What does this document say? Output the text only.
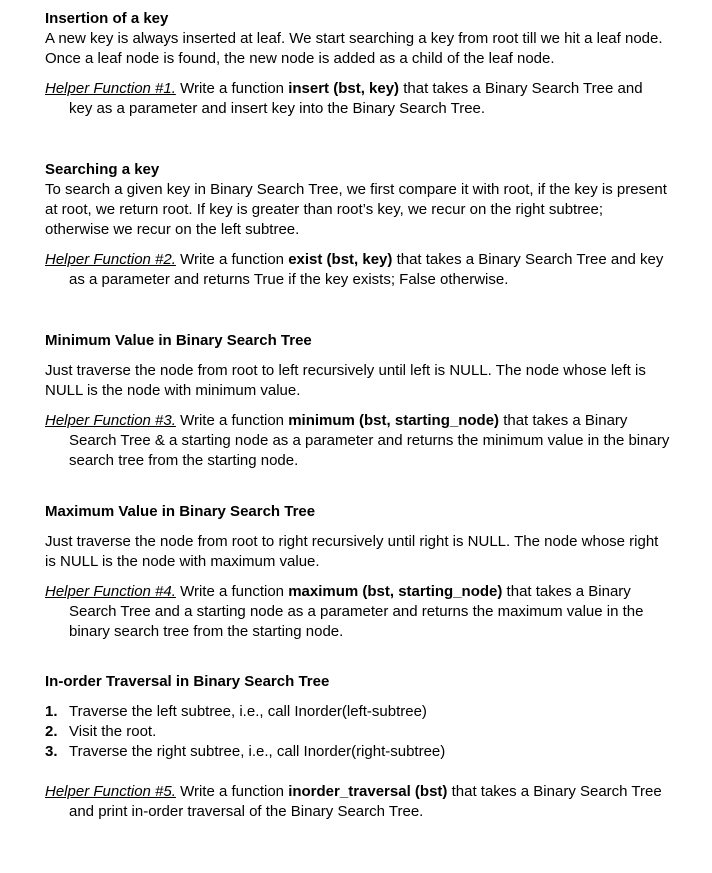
Insertion of a key

A new key is always inserted at leaf. We start searching a key from root till we hit a leaf node. Once a leaf node is found, the new node is added as a child of the leaf node.

Helper Function #1. Write a function insert (bst, key) that takes a Binary Search Tree and key as a parameter and insert key into the Binary Search Tree.

Searching a key

To search a given key in Binary Search Tree, we first compare it with root, if the key is present at root, we return root. If key is greater than root’s key, we recur on the right subtree; otherwise we recur on the left subtree.

Helper Function #2. Write a function exist (bst, key) that takes a Binary Search Tree and key as a parameter and returns True if the key exists; False otherwise.

Minimum Value in Binary Search Tree

Just traverse the node from root to left recursively until left is NULL. The node whose left is NULL is the node with minimum value.

Helper Function #3. Write a function minimum (bst, starting_node) that takes a Binary Search Tree & a starting node as a parameter and returns the minimum value in the binary search tree from the starting node.

Maximum Value in Binary Search Tree

Just traverse the node from root to right recursively until right is NULL. The node whose right is NULL is the node with maximum value.

Helper Function #4. Write a function maximum (bst, starting_node) that takes a Binary Search Tree and a starting node as a parameter and returns the maximum value in the binary search tree from the starting node.

In-order Traversal in Binary Search Tree
1. Traverse the left subtree, i.e., call Inorder(left-subtree)
2. Visit the root.
3. Traverse the right subtree, i.e., call Inorder(right-subtree)

Helper Function #5. Write a function inorder_traversal (bst) that takes a Binary Search Tree and print in-order traversal of the Binary Search Tree.
